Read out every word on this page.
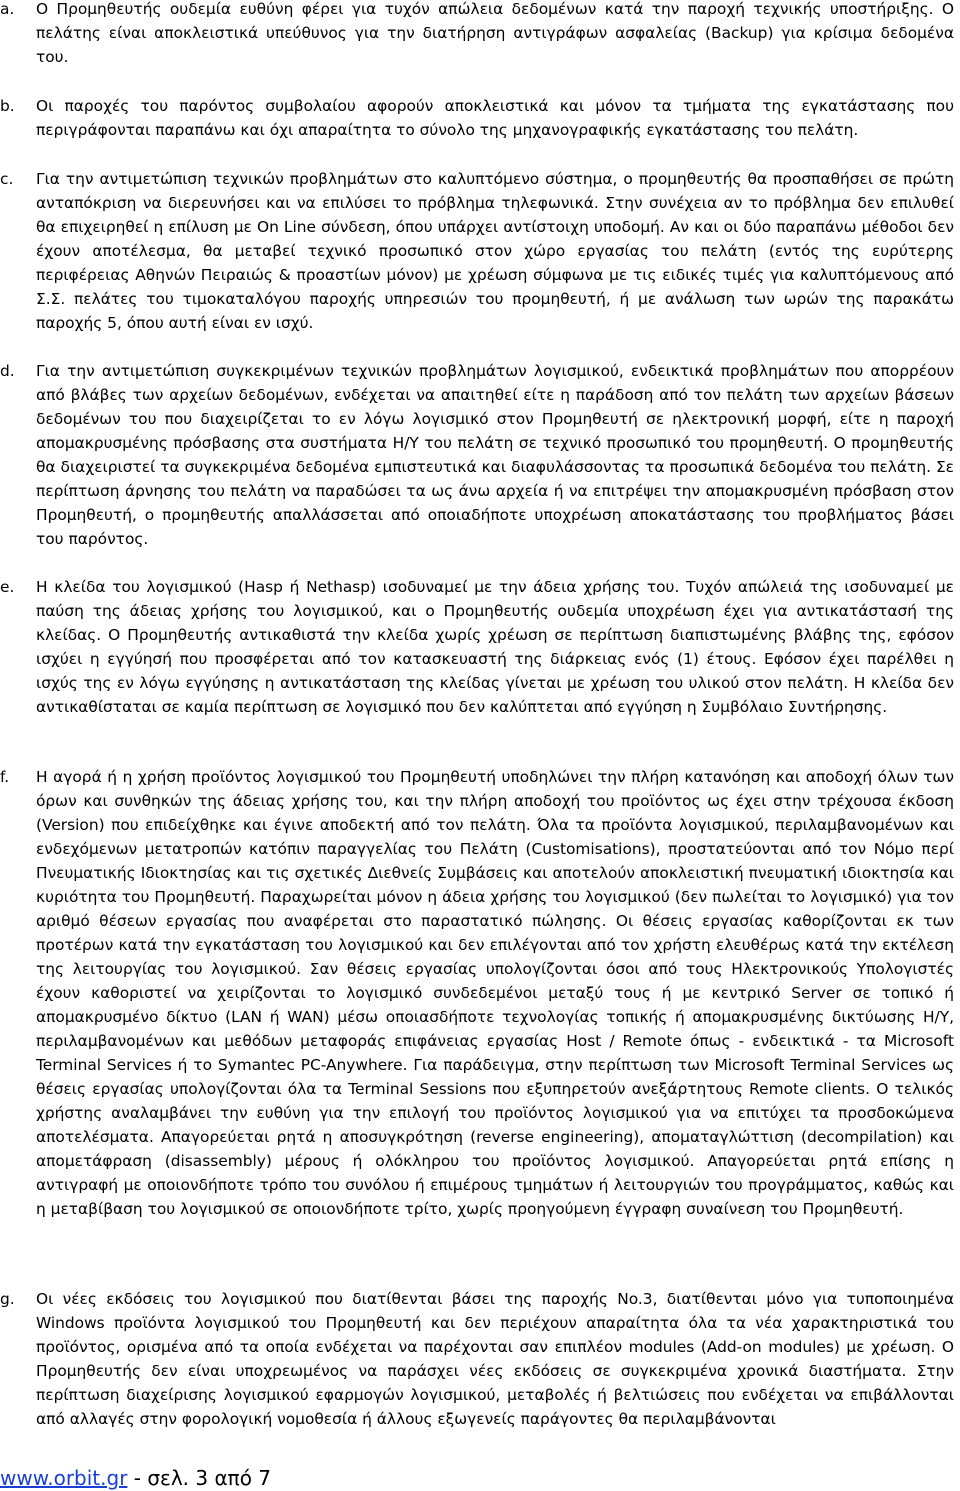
a.	Ο Προμηθευτής ουδεμία ευθύνη φέρει για τυχόν απώλεια δεδομένων κατά την παροχή τεχνικής υποστήριξης. Ο πελάτης είναι αποκλειστικά υπεύθυνος για την διατήρηση αντιγράφων ασφαλείας (Backup) για κρίσιμα δεδομένα του.
b.	Οι παροχές του παρόντος συμβολαίου αφορούν αποκλειστικά και μόνον τα τμήματα της εγκατάστασης που περιγράφονται παραπάνω και όχι απαραίτητα το σύνολο της μηχανογραφικής εγκατάστασης του πελάτη.
c.	Για την αντιμετώπιση τεχνικών προβλημάτων στο καλυπτόμενο σύστημα, ο προμηθευτής θα προσπαθήσει σε πρώτη ανταπόκριση να διερευνήσει και να επιλύσει το πρόβλημα τηλεφωνικά. Στην συνέχεια αν το πρόβλημα δεν επιλυθεί θα επιχειρηθεί η επίλυση με On Line σύνδεση, όπου υπάρχει αντίστοιχη υποδομή. Αν και οι δύο παραπάνω μέθοδοι δεν έχουν αποτέλεσμα, θα μεταβεί τεχνικό προσωπικό στον χώρο εργασίας του πελάτη (εντός της ευρύτερης περιφέρειας Αθηνών Πειραιώς & προαστίων μόνον) με χρέωση σύμφωνα με τις ειδικές τιμές για καλυπτόμενους από Σ.Σ. πελάτες του τιμοκαταλόγου παροχής υπηρεσιών του προμηθευτή, ή με ανάλωση των ωρών της παρακάτω παροχής 5, όπου αυτή είναι εν ισχύ.
d.	Για την αντιμετώπιση συγκεκριμένων τεχνικών προβλημάτων λογισμικού, ενδεικτικά προβλημάτων που απορρέουν από βλάβες των αρχείων δεδομένων, ενδέχεται να απαιτηθεί είτε η παράδοση από τον πελάτη των αρχείων βάσεων δεδομένων του που διαχειρίζεται το εν λόγω λογισμικό στον Προμηθευτή σε ηλεκτρονική μορφή, είτε η παροχή απομακρυσμένης πρόσβασης στα συστήματα Η/Υ του πελάτη σε τεχνικό προσωπικό του προμηθευτή. Ο προμηθευτής θα διαχειριστεί τα συγκεκριμένα δεδομένα εμπιστευτικά και διαφυλάσσοντας τα προσωπικά δεδομένα του πελάτη. Σε περίπτωση άρνησης του πελάτη να παραδώσει τα ως άνω αρχεία ή να επιτρέψει την απομακρυσμένη πρόσβαση στον Προμηθευτή, ο προμηθευτής απαλλάσσεται από οποιαδήποτε υποχρέωση αποκατάστασης του προβλήματος βάσει του παρόντος.
e.	Η κλείδα του λογισμικού (Hasp ή Nethasp) ισοδυναμεί με την άδεια χρήσης του. Τυχόν απώλειά της ισοδυναμεί με παύση της άδειας χρήσης του λογισμικού, και ο Προμηθευτής ουδεμία υποχρέωση έχει για αντικατάστασή της κλείδας. Ο Προμηθευτής αντικαθιστά την κλείδα χωρίς χρέωση σε περίπτωση διαπιστωμένης βλάβης της, εφόσον ισχύει η εγγύησή που προσφέρεται από τον κατασκευαστή της διάρκειας ενός (1) έτους. Εφόσον έχει παρέλθει η ισχύς της εν λόγω εγγύησης η αντικατάσταση της κλείδας γίνεται με χρέωση του υλικού στον πελάτη. Η κλείδα δεν αντικαθίσταται σε καμία περίπτωση σε λογισμικό που δεν καλύπτεται από εγγύηση η Συμβόλαιο Συντήρησης.
f.	Η αγορά ή η χρήση προϊόντος λογισμικού του Προμηθευτή υποδηλώνει την πλήρη κατανόηση και αποδοχή όλων των όρων και συνθηκών της άδειας χρήσης του, και την πλήρη αποδοχή του προϊόντος ως έχει στην τρέχουσα έκδοση (Version) που επιδείχθηκε και έγινε αποδεκτή από τον πελάτη. Όλα τα προϊόντα λογισμικού, περιλαμβανομένων και ενδεχόμενων μετατροπών κατόπιν παραγγελίας του Πελάτη (Customisations), προστατεύονται από τον Νόμο περί Πνευματικής Ιδιοκτησίας και τις σχετικές Διεθνείς Συμβάσεις και αποτελούν αποκλειστική πνευματική ιδιοκτησία και κυριότητα του Προμηθευτή. Παραχωρείται μόνον η άδεια χρήσης του λογισμικού (δεν πωλείται το λογισμικό) για τον αριθμό θέσεων εργασίας που αναφέρεται στο παραστατικό πώλησης. Οι θέσεις εργασίας καθορίζονται εκ των προτέρων κατά την εγκατάσταση του λογισμικού και δεν επιλέγονται από τον χρήστη ελευθέρως κατά την εκτέλεση της λειτουργίας του λογισμικού. Σαν θέσεις εργασίας υπολογίζονται όσοι από τους Ηλεκτρονικούς Υπολογιστές έχουν καθοριστεί να χειρίζονται το λογισμικό συνδεδεμένοι μεταξύ τους ή με κεντρικό Server σε τοπικό ή απομακρυσμένο δίκτυο (LAN ή WAN) μέσω οποιασδήποτε τεχνολογίας τοπικής ή απομακρυσμένης δικτύωσης Η/Υ, περιλαμβανομένων και μεθόδων μεταφοράς επιφάνειας εργασίας Host / Remote όπως - ενδεικτικά - τα Microsoft Terminal Services ή το Symantec PC-Anywhere. Για παράδειγμα, στην περίπτωση των Microsoft Terminal Services ως θέσεις εργασίας υπολογίζονται όλα τα Terminal Sessions που εξυπηρετούν ανεξάρτητους Remote clients. Ο τελικός χρήστης αναλαμβάνει την ευθύνη για την επιλογή του προϊόντος λογισμικού για να επιτύχει τα προσδοκώμενα αποτελέσματα. Απαγορεύεται ρητά η αποσυγκρότηση (reverse engineering), αποματαγλώττιση (decompilation) και απομετάφραση (disassembly) μέρους ή ολόκληρου του προϊόντος λογισμικού. Απαγορεύεται ρητά επίσης η αντιγραφή με οποιονδήποτε τρόπο του συνόλου ή επιμέρους τμημάτων ή λειτουργιών του προγράμματος, καθώς και η μεταβίβαση του λογισμικού σε οποιονδήποτε τρίτο, χωρίς προηγούμενη έγγραφη συναίνεση του Προμηθευτή.
g.	Οι νέες εκδόσεις του λογισμικού που διατίθενται βάσει της παροχής No.3, διατίθενται μόνο για τυποποιημένα Windows προϊόντα λογισμικού του Προμηθευτή και δεν περιέχουν απαραίτητα όλα τα νέα χαρακτηριστικά του προϊόντος, ορισμένα από τα οποία ενδέχεται να παρέχονται σαν επιπλέον modules (Add-on modules) με χρέωση. Ο Προμηθευτής δεν είναι υποχρεωμένος να παράσχει νέες εκδόσεις σε συγκεκριμένα χρονικά διαστήματα. Στην περίπτωση διαχείρισης λογισμικού εφαρμογών λογισμικού, μεταβολές ή βελτιώσεις που ενδέχεται να επιβάλλονται από αλλαγές στην φορολογική νομοθεσία ή άλλους εξωγενείς παράγοντες θα περιλαμβάνονται
www.orbit.gr - σελ. 3 από 7
